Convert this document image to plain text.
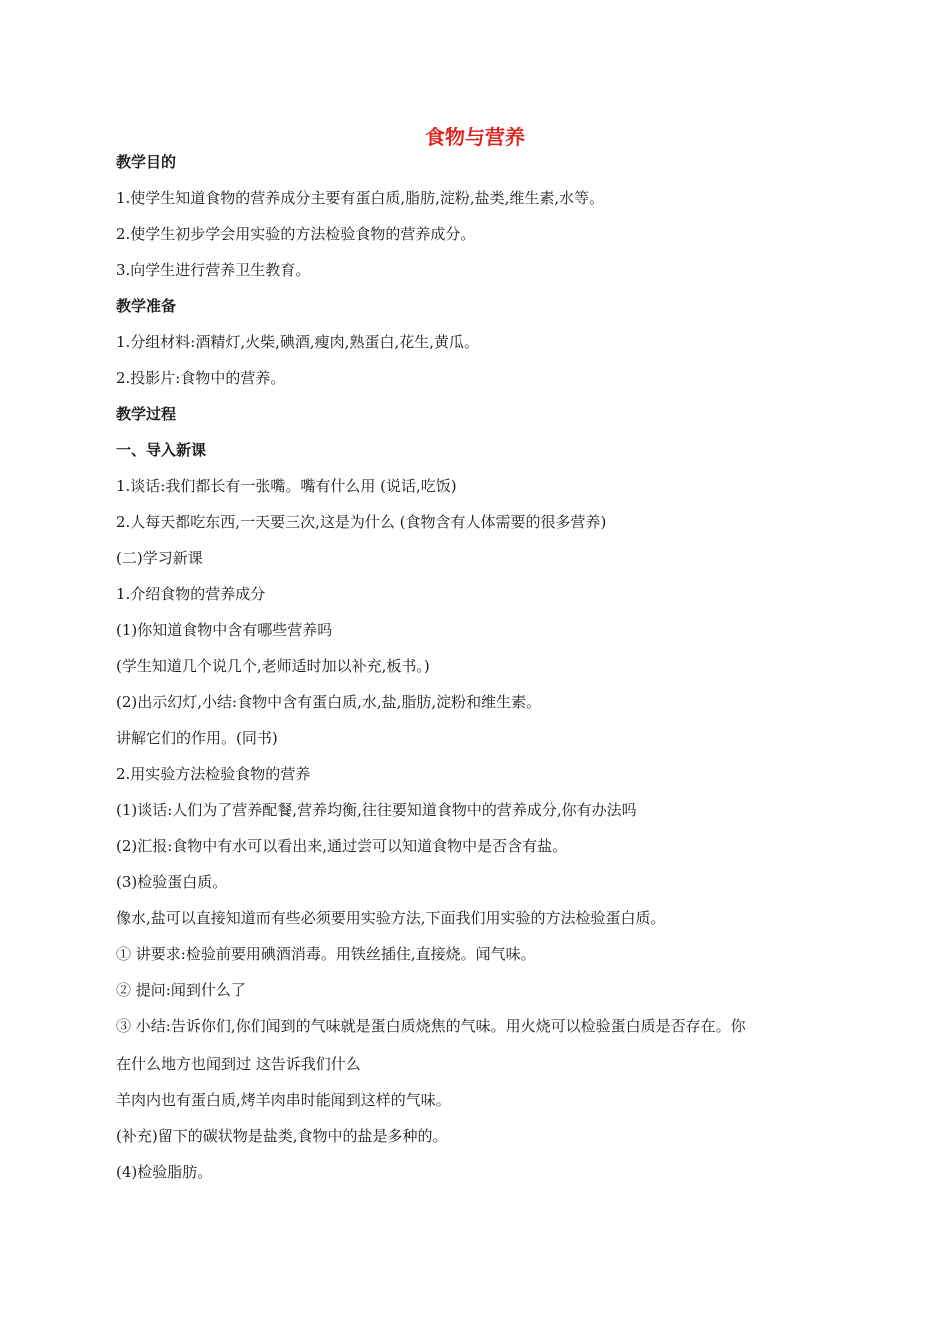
食物与营养
教学目的
1.使学生知道食物的营养成分主要有蛋白质,脂肪,淀粉,盐类,维生素,水等。
2.使学生初步学会用实验的方法检验食物的营养成分。
3.向学生进行营养卫生教育。
教学准备
1.分组材料:酒精灯,火柴,碘酒,瘦肉,熟蛋白,花生,黄瓜。
2.投影片:食物中的营养。
教学过程
一、导入新课
1.谈话:我们都长有一张嘴。嘴有什么用 (说话,吃饭)
2.人每天都吃东西,一天要三次,这是为什么 (食物含有人体需要的很多营养)
(二)学习新课
1.介绍食物的营养成分
(1)你知道食物中含有哪些营养吗
(学生知道几个说几个,老师适时加以补充,板书。)
(2)出示幻灯,小结:食物中含有蛋白质,水,盐,脂肪,淀粉和维生素。
讲解它们的作用。(同书)
2.用实验方法检验食物的营养
(1)谈话:人们为了营养配餐,营养均衡,往往要知道食物中的营养成分,你有办法吗
(2)汇报:食物中有水可以看出来,通过尝可以知道食物中是否含有盐。
(3)检验蛋白质。
像水,盐可以直接知道而有些必须要用实验方法,下面我们用实验的方法检验蛋白质。
① 讲要求:检验前要用碘酒消毒。用铁丝插住,直接烧。闻气味。
② 提问:闻到什么了
③ 小结:告诉你们,你们闻到的气味就是蛋白质烧焦的气味。用火烧可以检验蛋白质是否存在。你
在什么地方也闻到过 这告诉我们什么
羊肉内也有蛋白质,烤羊肉串时能闻到这样的气味。
(补充)留下的碳状物是盐类,食物中的盐是多种的。
(4)检验脂肪。
